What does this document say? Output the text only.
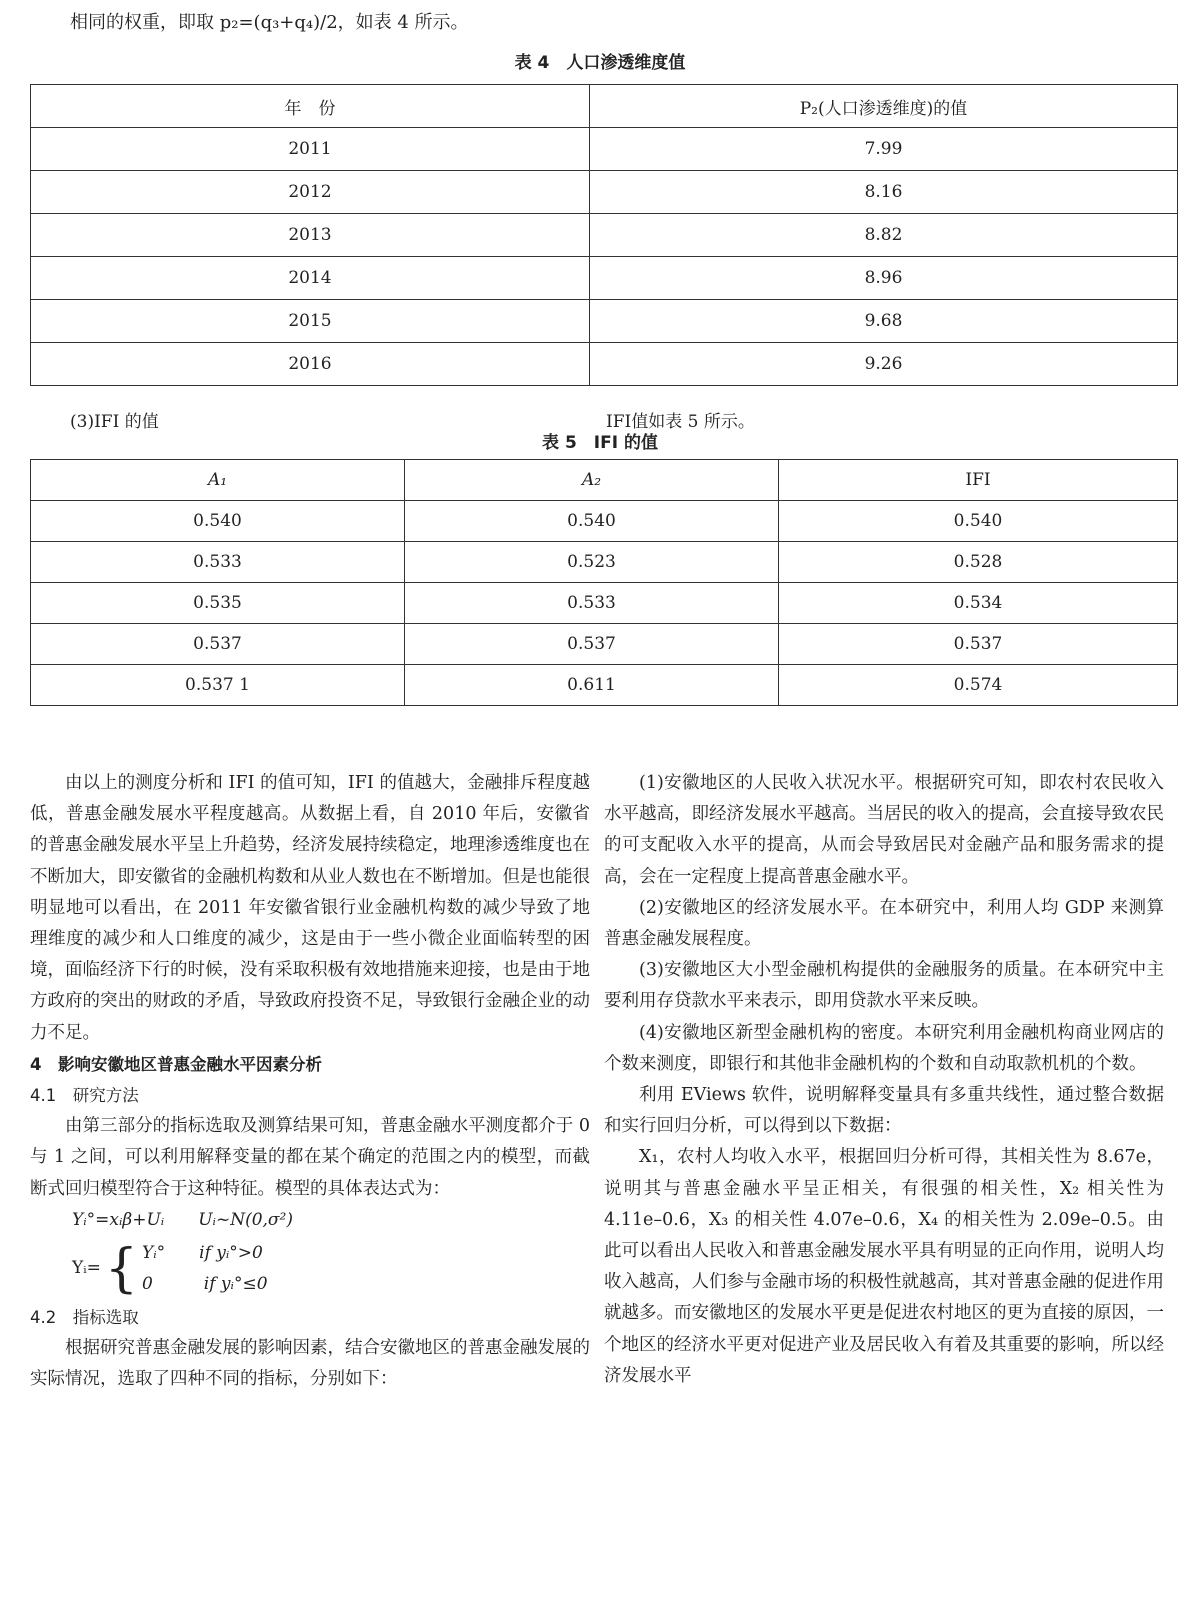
相同的权重，即取 p₂=(q₃+q₄)/2，如表 4 所示。
表 4　人口渗透维度值
年　份	P₂(人口渗透维度)的值
2011	7.99
2012	8.16
2013	8.82
2014	8.96
2015	9.68
2016	9.26
(3)IFI 的值	IFI值如表 5 所示。
表 5　IFI 的值
A₁	A₂	IFI
0.540	0.540	0.540
0.533	0.523	0.528
0.535	0.533	0.534
0.537	0.537	0.537
0.537 1	0.611	0.574

由以上的测度分析和 IFI 的值可知，IFI 的值越大，金融排斥程度越低，普惠金融发展水平程度越高。从数据上看，自 2010 年后，安徽省的普惠金融发展水平呈上升趋势，经济发展持续稳定，地理渗透维度也在不断加大，即安徽省的金融机构数和从业人数也在不断增加。但是也能很明显地可以看出，在 2011 年安徽省银行业金融机构数的减少导致了地理维度的减少和人口维度的减少，这是由于一些小微企业面临转型的困境，面临经济下行的时候，没有采取积极有效地措施来迎接，也是由于地方政府的突出的财政的矛盾，导致政府投资不足，导致银行金融企业的动力不足。

4　影响安徽地区普惠金融水平因素分析
4.1　研究方法

由第三部分的指标选取及测算结果可知，普惠金融水平测度都介于 0 与 1 之间，可以利用解释变量的都在某个确定的范围之内的模型，而截断式回归模型符合于这种特征。模型的具体表达式为：

Yᵢ°=xᵢβ+Uᵢ　　Uᵢ~N(0,σ²)
Yᵢ= { Yᵢ°　　if yᵢ°>0
0　　　if yᵢ°≤0
4.2　指标选取

根据研究普惠金融发展的影响因素，结合安徽地区的普惠金融发展的实际情况，选取了四种不同的指标，分别如下：

(1)安徽地区的人民收入状况水平。根据研究可知，即农村农民收入水平越高，即经济发展水平越高。当居民的收入的提高，会直接导致农民的可支配收入水平的提高，从而会导致居民对金融产品和服务需求的提高，会在一定程度上提高普惠金融水平。

(2)安徽地区的经济发展水平。在本研究中，利用人均 GDP 来测算普惠金融发展程度。

(3)安徽地区大小型金融机构提供的金融服务的质量。在本研究中主要利用存贷款水平来表示，即用贷款水平来反映。

(4)安徽地区新型金融机构的密度。本研究利用金融机构商业网店的个数来测度，即银行和其他非金融机构的个数和自动取款机机的个数。

利用 EViews 软件，说明解释变量具有多重共线性，通过整合数据和实行回归分析，可以得到以下数据：

X₁，农村人均收入水平，根据回归分析可得，其相关性为 8.67e，说明其与普惠金融水平呈正相关，有很强的相关性，X₂ 相关性为 4.11e–0.6，X₃ 的相关性 4.07e–0.6，X₄ 的相关性为 2.09e–0.5。由此可以看出人民收入和普惠金融发展水平具有明显的正向作用，说明人均收入越高，人们参与金融市场的积极性就越高，其对普惠金融的促进作用就越多。而安徽地区的发展水平更是促进农村地区的更为直接的原因，一个地区的经济水平更对促进产业及居民收入有着及其重要的影响，所以经济发展水平
